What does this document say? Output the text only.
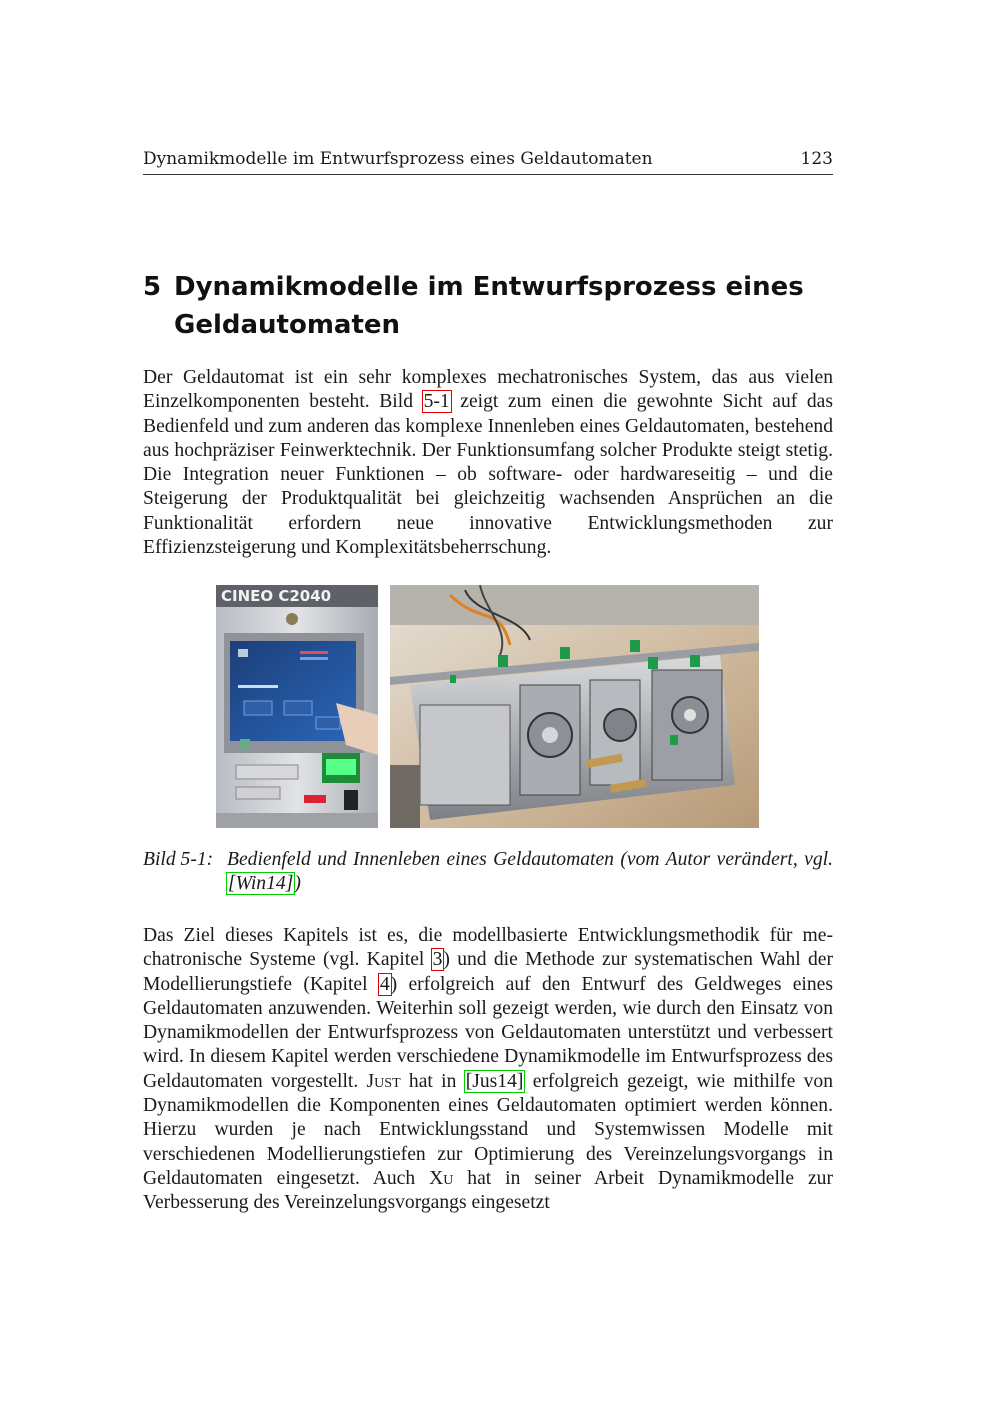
Dynamikmodelle im Entwurfsprozess eines Geldautomaten	123
5 Dynamikmodelle im Entwurfsprozess eines Geldautomaten

Der Geldautomat ist ein sehr komplexes mechatronisches System, das aus vielen Einzelkomponenten besteht. Bild 5-1 zeigt zum einen die gewohnte Sicht auf das Bedienfeld und zum anderen das komplexe Innenleben eines Geldautomaten, bestehend aus hochpräziser Feinwerktechnik. Der Funktionsumfang solcher Produkte steigt stetig. Die Integration neuer Funktionen – ob software- oder hardwareseitig – und die Steigerung der Produktqualität bei gleichzeitig wachsenden Ansprüchen an die Funktionalität erfordern neue innovative Entwicklungsmethoden zur Effizienzsteigerung und Komplexitätsbeherrschung.

CINEO C2040
Bild 5-1: Bedienfeld und Innenleben eines Geldautomaten (vom Autor verändert, vgl. [Win14])

Das Ziel dieses Kapitels ist es, die modellbasierte Entwicklungsmethodik für mechatronische Systeme (vgl. Kapitel 3) und die Methode zur systematischen Wahl der Modellierungstiefe (Kapitel 4) erfolgreich auf den Entwurf des Geldweges eines Geldautomaten anzuwenden. Weiterhin soll gezeigt werden, wie durch den Einsatz von Dynamikmodellen der Entwurfsprozess von Geldautomaten unterstützt und verbessert wird. In diesem Kapitel werden verschiedene Dynamikmodelle im Entwurfsprozess des Geldautomaten vorgestellt. Just hat in [Jus14] erfolgreich gezeigt, wie mithilfe von Dynamikmodellen die Komponenten eines Geldautomaten optimiert werden können. Hierzu wurden je nach Entwicklungsstand und Systemwissen Modelle mit verschiedenen Modellierungstiefen zur Optimierung des Vereinzelungsvorgangs in Geldautomaten eingesetzt. Auch Xu hat in seiner Arbeit Dynamikmodelle zur Verbesserung des Vereinzelungsvorgangs eingesetzt
